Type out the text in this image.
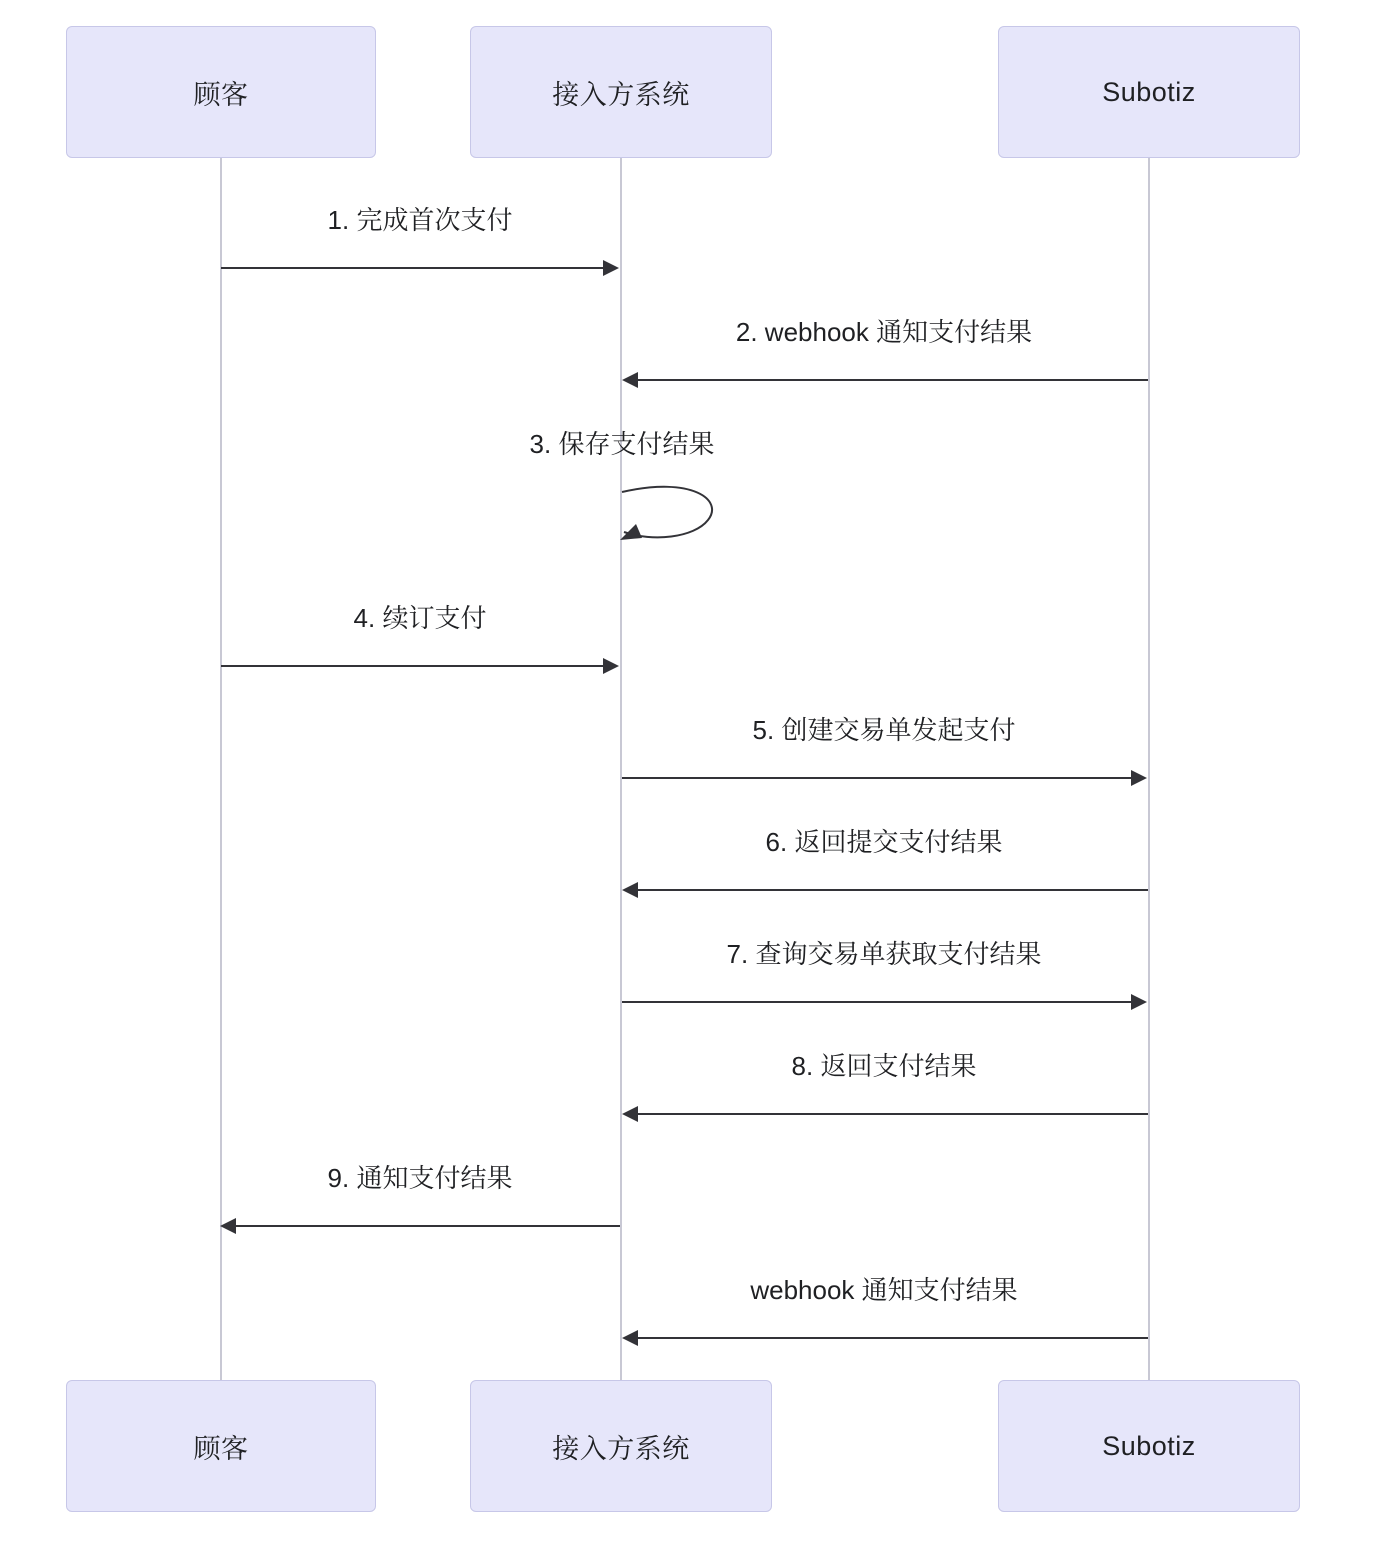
顾客	接入方系统	Subotiz
1. 完成首次支付
2. webhook 通知支付结果
3. 保存支付结果
4. 续订支付
5. 创建交易单发起支付
6. 返回提交支付结果
7. 查询交易单获取支付结果
8. 返回支付结果
9. 通知支付结果
webhook 通知支付结果
顾客	接入方系统	Subotiz
